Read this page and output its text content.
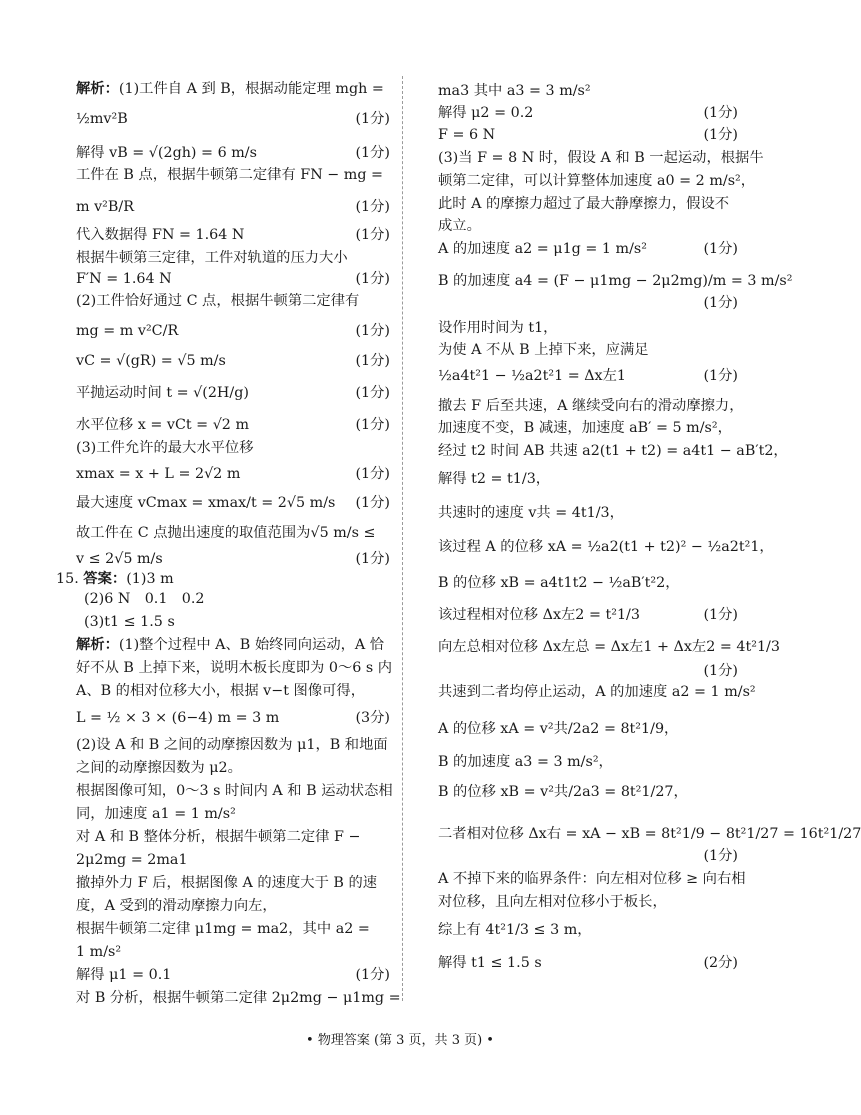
解析：(1)工件自 A 到 B，根据动能定理 mgh =
½mv²B	(1分)
解得 vB = √(2gh) = 6 m/s	(1分)
工件在 B 点，根据牛顿第二定律有 FN − mg =
m v²B/R	(1分)
代入数据得 FN = 1.64 N	(1分)
根据牛顿第三定律，工件对轨道的压力大小
F′N = 1.64 N	(1分)
(2)工件恰好通过 C 点，根据牛顿第二定律有
mg = m v²C/R	(1分)
vC = √(gR) = √5 m/s	(1分)
平抛运动时间 t = √(2H/g)	(1分)
水平位移 x = vCt = √2 m	(1分)
(3)工件允许的最大水平位移
xmax = x + L = 2√2 m	(1分)
最大速度 vCmax = xmax/t = 2√5 m/s	(1分)
故工件在 C 点抛出速度的取值范围为√5 m/s ≤
v ≤ 2√5 m/s	(1分)
15. 答案：(1)3 m
(2)6 N　0.1　0.2
(3)t1 ≤ 1.5 s
解析：(1)整个过程中 A、B 始终同向运动，A 恰
好不从 B 上掉下来，说明木板长度即为 0～6 s 内
A、B 的相对位移大小，根据 v−t 图像可得，
L = ½ × 3 × (6−4) m = 3 m	(3分)
(2)设 A 和 B 之间的动摩擦因数为 μ1，B 和地面
之间的动摩擦因数为 μ2。
根据图像可知，0～3 s 时间内 A 和 B 运动状态相
同，加速度 a1 = 1 m/s²
对 A 和 B 整体分析，根据牛顿第二定律 F −
2μ2mg = 2ma1
撤掉外力 F 后，根据图像 A 的速度大于 B 的速
度，A 受到的滑动摩擦力向左，
根据牛顿第二定律 μ1mg = ma2，其中 a2 =
1 m/s²
解得 μ1 = 0.1	(1分)
对 B 分析，根据牛顿第二定律 2μ2mg − μ1mg =
ma3 其中 a3 = 3 m/s²
解得 μ2 = 0.2	(1分)
F = 6 N	(1分)
(3)当 F = 8 N 时，假设 A 和 B 一起运动，根据牛
顿第二定律，可以计算整体加速度 a0 = 2 m/s²，
此时 A 的摩擦力超过了最大静摩擦力，假设不
成立。
A 的加速度 a2 = μ1g = 1 m/s²	(1分)
B 的加速度 a4 = (F − μ1mg − 2μ2mg)/m = 3 m/s²
(1分)
设作用时间为 t1，
为使 A 不从 B 上掉下来，应满足
½a4t²1 − ½a2t²1 = Δx左1	(1分)
撤去 F 后至共速，A 继续受向右的滑动摩擦力，
加速度不变，B 减速，加速度 aB′ = 5 m/s²，
经过 t2 时间 AB 共速 a2(t1 + t2) = a4t1 − aB′t2，
解得 t2 = t1/3，
共速时的速度 v共 = 4t1/3，
该过程 A 的位移 xA = ½a2(t1 + t2)² − ½a2t²1，
B 的位移 xB = a4t1t2 − ½aB′t²2，
该过程相对位移 Δx左2 = t²1/3	(1分)
向左总相对位移 Δx左总 = Δx左1 + Δx左2 = 4t²1/3
(1分)
共速到二者均停止运动，A 的加速度 a2 = 1 m/s²
A 的位移 xA = v²共/2a2 = 8t²1/9，
B 的加速度 a3 = 3 m/s²，
B 的位移 xB = v²共/2a3 = 8t²1/27，
二者相对位移 Δx右 = xA − xB = 8t²1/9 − 8t²1/27 = 16t²1/27
(1分)
A 不掉下来的临界条件：向左相对位移 ≥ 向右相
对位移，且向左相对位移小于板长，
综上有 4t²1/3 ≤ 3 m，
解得 t1 ≤ 1.5 s	(2分)
• 物理答案 (第 3 页，共 3 页) •
